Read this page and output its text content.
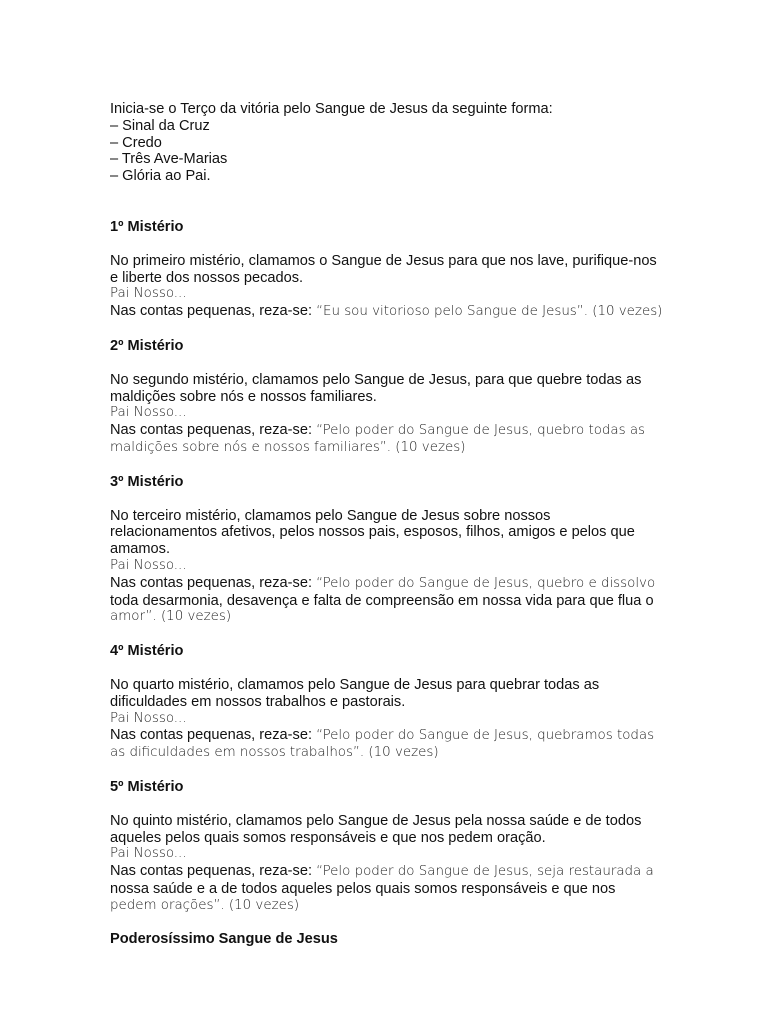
Inicia-se o Terço da vitória pelo Sangue de Jesus da seguinte forma:
– Sinal da Cruz
– Credo
– Três Ave-Marias
– Glória ao Pai.
1º Mistério
No primeiro mistério, clamamos o Sangue de Jesus para que nos lave, purifique-nos
e liberte dos nossos pecados.
Pai Nosso...
Nas contas pequenas, reza-se: “Eu sou vitorioso pelo Sangue de Jesus”. (10 vezes)
2º Mistério
No segundo mistério, clamamos pelo Sangue de Jesus, para que quebre todas as
maldições sobre nós e nossos familiares.
Pai Nosso...
Nas contas pequenas, reza-se: “Pelo poder do Sangue de Jesus, quebro todas as
maldições sobre nós e nossos familiares”. (10 vezes)
3º Mistério
No terceiro mistério, clamamos pelo Sangue de Jesus sobre nossos
relacionamentos afetivos, pelos nossos pais, esposos, filhos, amigos e pelos que
amamos.
Pai Nosso...
Nas contas pequenas, reza-se: “Pelo poder do Sangue de Jesus, quebro e dissolvo
toda desarmonia, desavença e falta de compreensão em nossa vida para que flua o
amor”. (10 vezes)
4º Mistério
No quarto mistério, clamamos pelo Sangue de Jesus para quebrar todas as
dificuldades em nossos trabalhos e pastorais.
Pai Nosso...
Nas contas pequenas, reza-se: “Pelo poder do Sangue de Jesus, quebramos todas
as dificuldades em nossos trabalhos”. (10 vezes)
5º Mistério
No quinto mistério, clamamos pelo Sangue de Jesus pela nossa saúde e de todos
aqueles pelos quais somos responsáveis e que nos pedem oração.
Pai Nosso...
Nas contas pequenas, reza-se: “Pelo poder do Sangue de Jesus, seja restaurada a
nossa saúde e a de todos aqueles pelos quais somos responsáveis e que nos
pedem orações”. (10 vezes)
Poderosíssimo Sangue de Jesus
